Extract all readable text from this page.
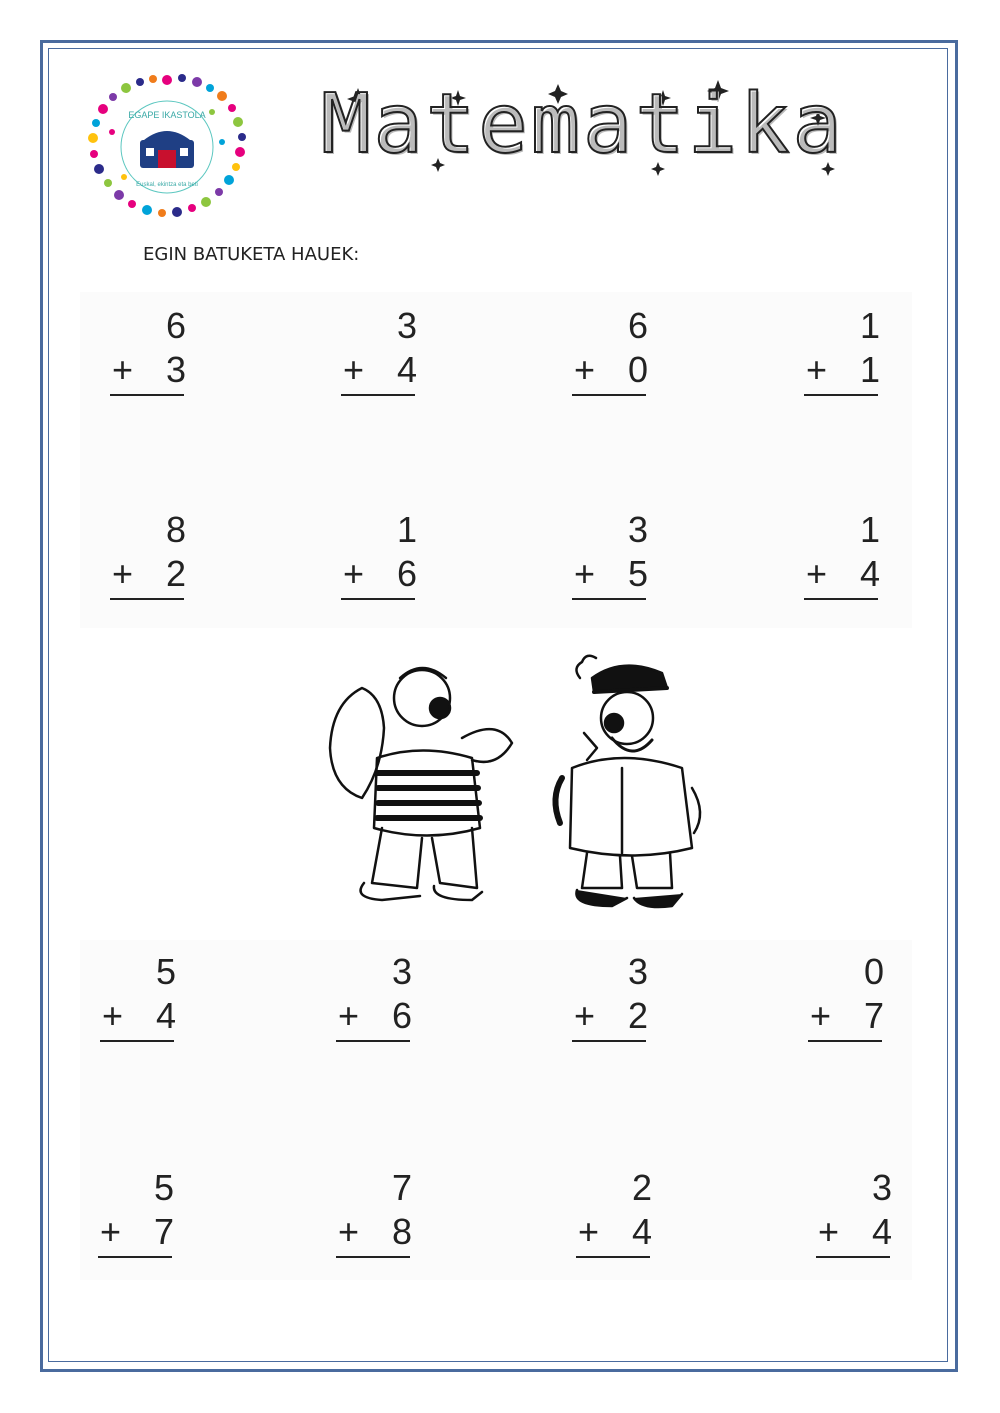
EGAPE IKASTOLA
Euskal, ekintza eta beti
Matematika
EGIN BATUKETA HAUEK:
6
+ 3
3
+ 4
6
+ 0
1
+ 1
8
+ 2
1
+ 6
3
+ 5
1
+ 4
5
+ 4
3
+ 6
3
+ 2
0
+ 7
5
+ 7
7
+ 8
2
+ 4
3
+ 4
